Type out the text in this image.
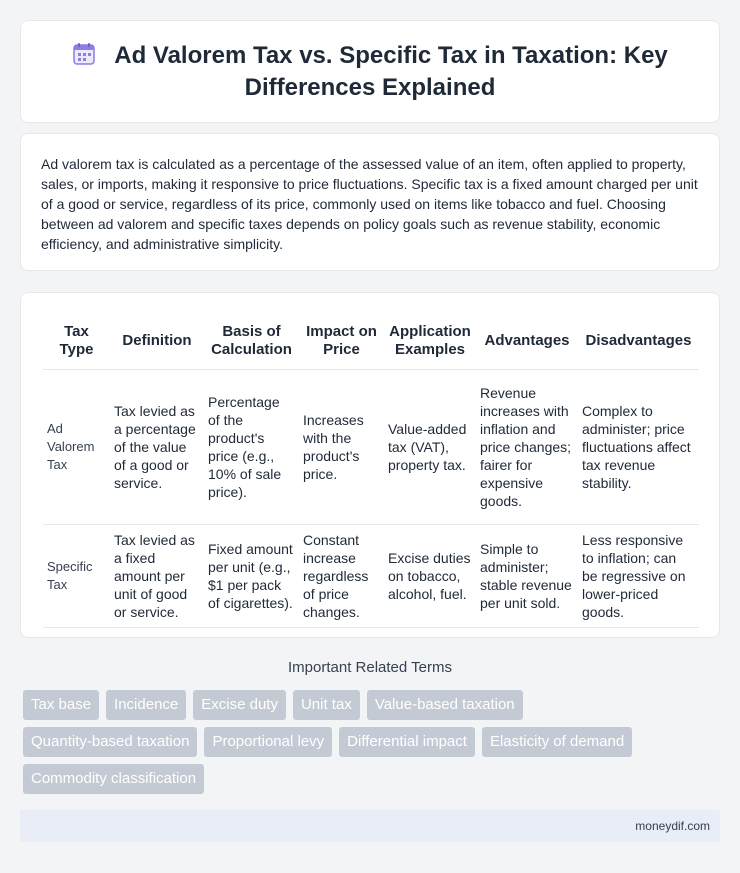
Ad Valorem Tax vs. Specific Tax in Taxation: Key Differences Explained

Ad valorem tax is calculated as a percentage of the assessed value of an item, often applied to property, sales, or imports, making it responsive to price fluctuations. Specific tax is a fixed amount charged per unit of a good or service, regardless of its price, commonly used on items like tobacco and fuel. Choosing between ad valorem and specific taxes depends on policy goals such as revenue stability, economic efficiency, and administrative simplicity.

Tax Type	Definition	Basis of Calculation	Impact on Price	Application Examples	Advantages	Disadvantages
Ad Valorem Tax	Tax levied as a percentage of the value of a good or service.	Percentage of the product's price (e.g., 10% of sale price).	Increases with the product's price.	Value-added tax (VAT), property tax.	Revenue increases with inflation and price changes; fairer for expensive goods.	Complex to administer; price fluctuations affect tax revenue stability.
Specific Tax	Tax levied as a fixed amount per unit of good or service.	Fixed amount per unit (e.g., $1 per pack of cigarettes).	Constant increase regardless of price changes.	Excise duties on tobacco, alcohol, fuel.	Simple to administer; stable revenue per unit sold.	Less responsive to inflation; can be regressive on lower-priced goods.
Important Related Terms
Tax base	Incidence	Excise duty	Unit tax	Value-based taxation
Quantity-based taxation	Proportional levy	Differential impact	Elasticity of demand
Commodity classification
moneydif.com
